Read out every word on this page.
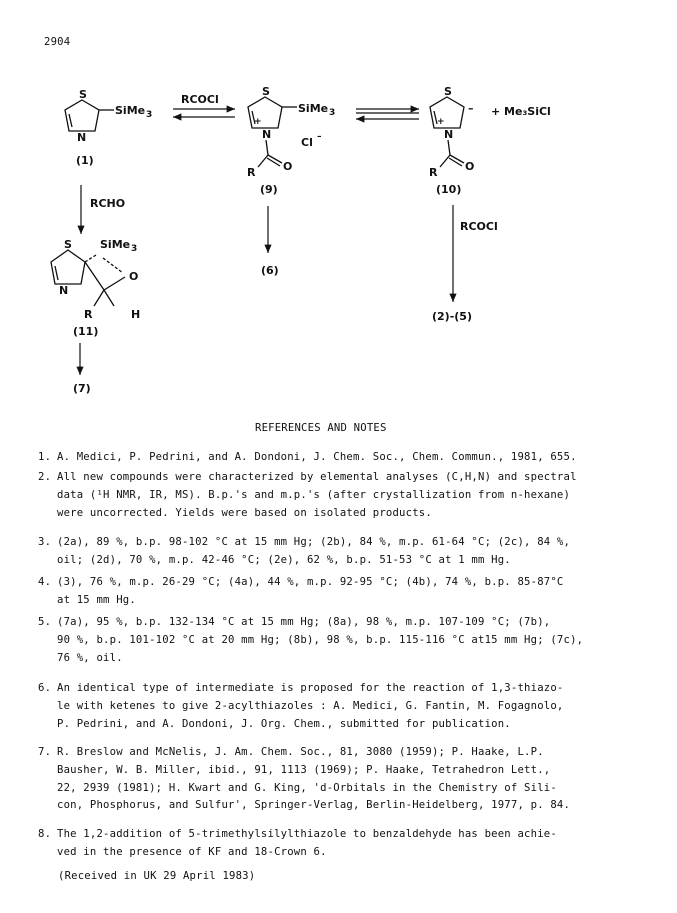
2904
S
N
SiMe 3
(1)
RCOCl
S
N
+
SiMe 3
Cl –
R	O
(9)
S
N
+
– + Me₃SiCl
R	O
(10)
RCHO
S
N
SiMe 3
O
R	H
(11)
(7)
(6)
RCOCl
(2)-(5)
REFERENCES AND NOTES
1. A. Medici, P. Pedrini, and A. Dondoni, J. Chem. Soc., Chem. Commun., 1981, 655.
2. All new compounds were characterized by elemental analyses (C,H,N) and spectral
data (¹H NMR, IR, MS). B.p.'s and m.p.'s (after crystallization from n-hexane)
were uncorrected. Yields were based on isolated products.
3. (2a), 89 %, b.p. 98-102 °C at 15 mm Hg; (2b), 84 %, m.p. 61-64 °C; (2c), 84 %,
oil; (2d), 70 %, m.p. 42-46 °C; (2e), 62 %, b.p. 51-53 °C at 1 mm Hg.
4. (3), 76 %, m.p. 26-29 °C; (4a), 44 %, m.p. 92-95 °C; (4b), 74 %, b.p. 85-87°C
at 15 mm Hg.
5. (7a), 95 %, b.p. 132-134 °C at 15 mm Hg; (8a), 98 %, m.p. 107-109 °C; (7b),
90 %, b.p. 101-102 °C at 20 mm Hg; (8b), 98 %, b.p. 115-116 °C at15 mm Hg; (7c),
76 %, oil.
6. An identical type of intermediate is proposed for the reaction of 1,3-thiazo-
le with ketenes to give 2-acylthiazoles : A. Medici, G. Fantin, M. Fogagnolo,
P. Pedrini, and A. Dondoni, J. Org. Chem., submitted for publication.
7. R. Breslow and McNelis, J. Am. Chem. Soc., 81, 3080 (1959); P. Haake, L.P.
Bausher, W. B. Miller, ibid., 91, 1113 (1969); P. Haake, Tetrahedron Lett.,
22, 2939 (1981); H. Kwart and G. King, 'd-Orbitals in the Chemistry of Sili-
con, Phosphorus, and Sulfur', Springer-Verlag, Berlin-Heidelberg, 1977, p. 84.
8. The 1,2-addition of 5-trimethylsilylthiazole to benzaldehyde has been achie-
ved in the presence of KF and 18-Crown 6.
(Received in UK 29 April 1983)
